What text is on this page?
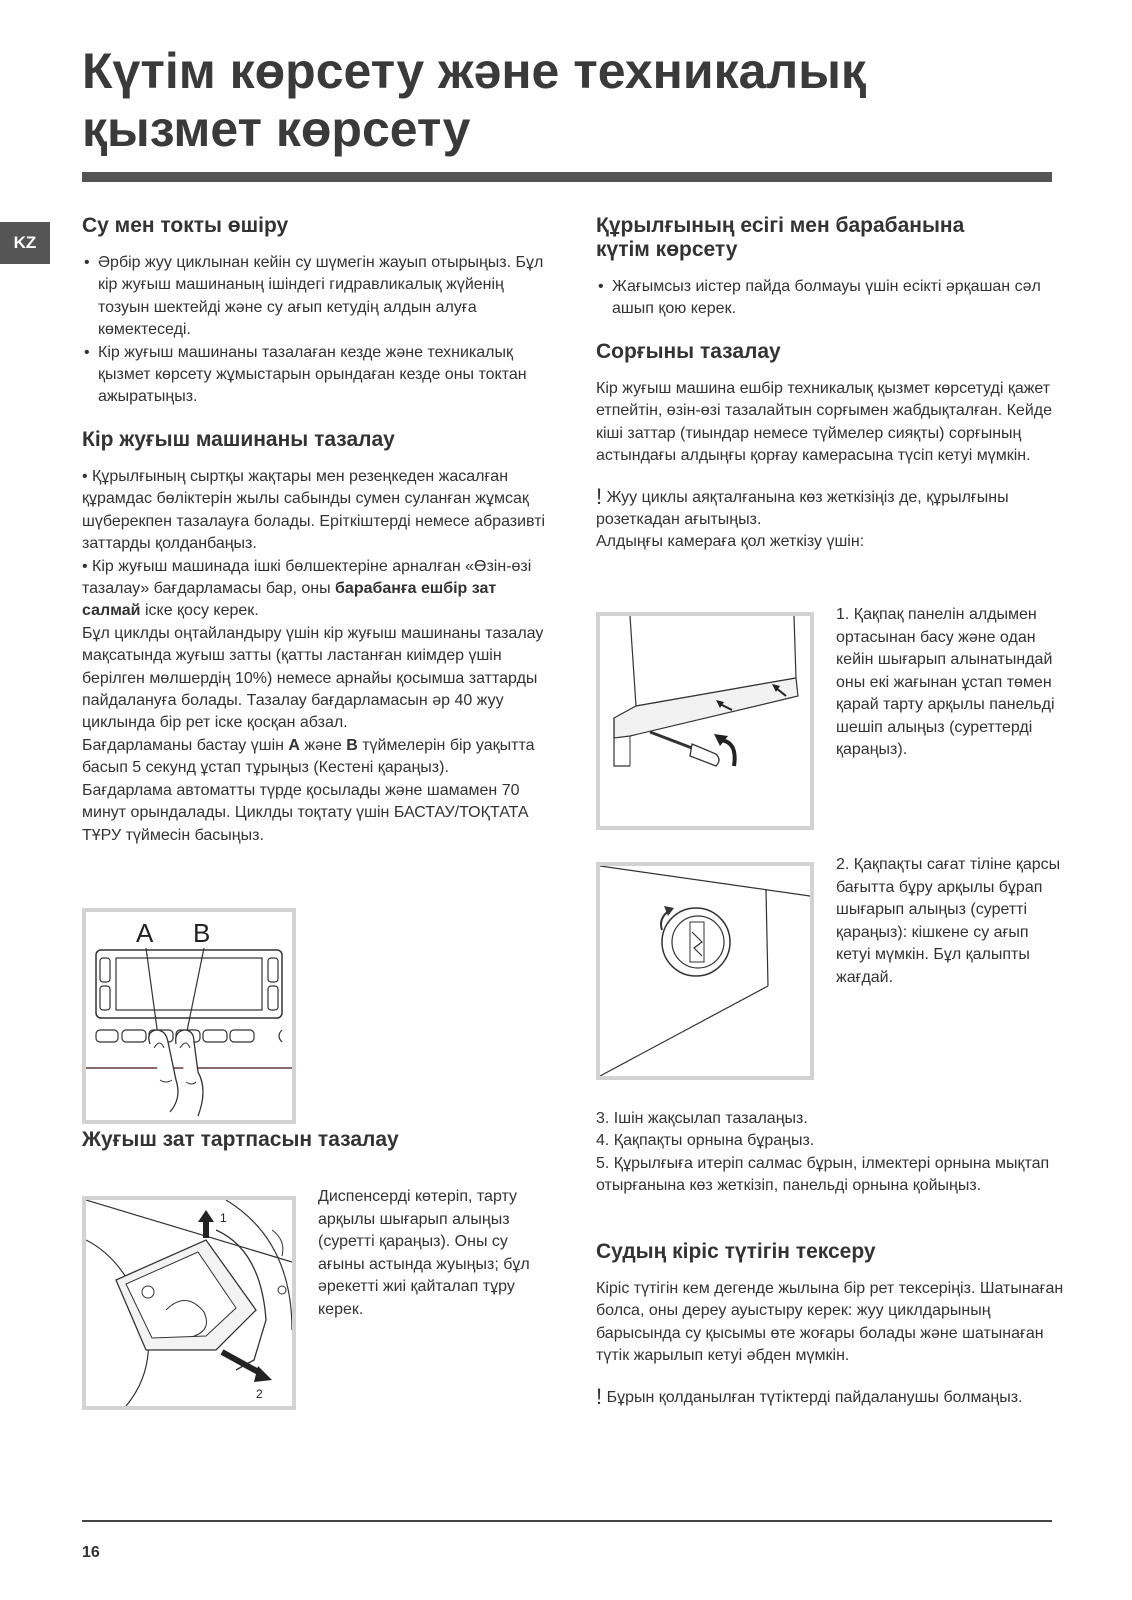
Күтім көрсету және техникалық
қызмет көрсету
KZ
Су мен токты өшіру
• Әрбір жуу циклынан кейін су шүмегін жауып отырыңыз. Бұл кір жуғыш машинаның ішіндегі гидравликалық жүйенің тозуын шектейді және су ағып кетудің алдын алуға көмектеседі.
• Кір жуғыш машинаны тазалаған кезде және техникалық қызмет көрсету жұмыстарын орындаған кезде оны токтан ажыратыңыз.
Кір жуғыш машинаны тазалау

• Құрылғының сыртқы жақтары мен резеңкеден жасалған құрамдас бөліктерін жылы сабынды сумен суланған жұмсақ шүберекпен тазалауға болады. Еріткіштерді немесе абразивті заттарды қолданбаңыз.

• Кір жуғыш машинада ішкі бөлшектеріне арналған «Өзін-өзі тазалау» бағдарламасы бар, оны барабанға ешбір зат салмай іске қосу керек.

Бұл циклды оңтайландыру үшін кір жуғыш машинаны тазалау мақсатында жуғыш затты (қатты ластанған киімдер үшін берілген мөлшердің 10%) немесе арнайы қосымша заттарды пайдалануға болады. Тазалау бағдарламасын әр 40 жуу циклында бір рет іске қосқан абзал.

Бағдарламаны бастау үшін A және B түймелерін бір уақытта басып 5 секунд ұстап тұрыңыз (Кестені қараңыз).

Бағдарлама автоматты түрде қосылады және шамамен 70 минут орындалады. Циклды тоқтату үшін БАСТАУ/ТОҚТАТА ТҰРУ түймесін басыңыз.

A B
Жуғыш зат тартпасын тазалау
1
2
Диспенсерді көтеріп, тарту арқылы шығарып алыңыз (суретті қараңыз). Оны су ағыны астында жуыңыз; бұл әрекетті жиі қайталап тұру керек.
Құрылғының есігі мен барабанына
күтім көрсету
• Жағымсыз иістер пайда болмауы үшін есікті әрқашан сәл ашып қою керек.
Сорғыны тазалау

Кір жуғыш машина ешбір техникалық қызмет көрсетуді қажет етпейтін, өзін-өзі тазалайтын сорғымен жабдықталған. Кейде кіші заттар (тиындар немесе түймелер сияқты) сорғының астындағы алдыңғы қорғау камерасына түсіп кетуі мүмкін.

! Жуу циклы аяқталғанына көз жеткізіңіз де, құрылғыны розеткадан ағытыңыз.

Алдыңғы камераға қол жеткізу үшін:

1. Қақпақ панелін алдымен ортасынан басу және одан кейін шығарып алынатындай оны екі жағынан ұстап төмен қарай тарту арқылы панельді шешіп алыңыз (суреттерді қараңыз).
2. Қақпақты сағат тіліне қарсы бағытта бұру арқылы бұрап шығарып алыңыз (суретті қараңыз): кішкене су ағып кетуі мүмкін. Бұл қалыпты жағдай.

3. Ішін жақсылап тазалаңыз.

4. Қақпақты орнына бұраңыз.

5. Құрылғыға итеріп салмас бұрын, ілмектері орнына мықтап отырғанына көз жеткізіп, панельді орнына қойыңыз.

Судың кіріс түтігін тексеру

Кіріс түтігін кем дегенде жылына бір рет тексеріңіз. Шатынаған болса, оны дереу ауыстыру керек: жуу циклдарының барысында су қысымы өте жоғары болады және шатынаған түтік жарылып кетуі әбден мүмкін.

! Бұрын қолданылған түтіктерді пайдаланушы болмаңыз.

16
